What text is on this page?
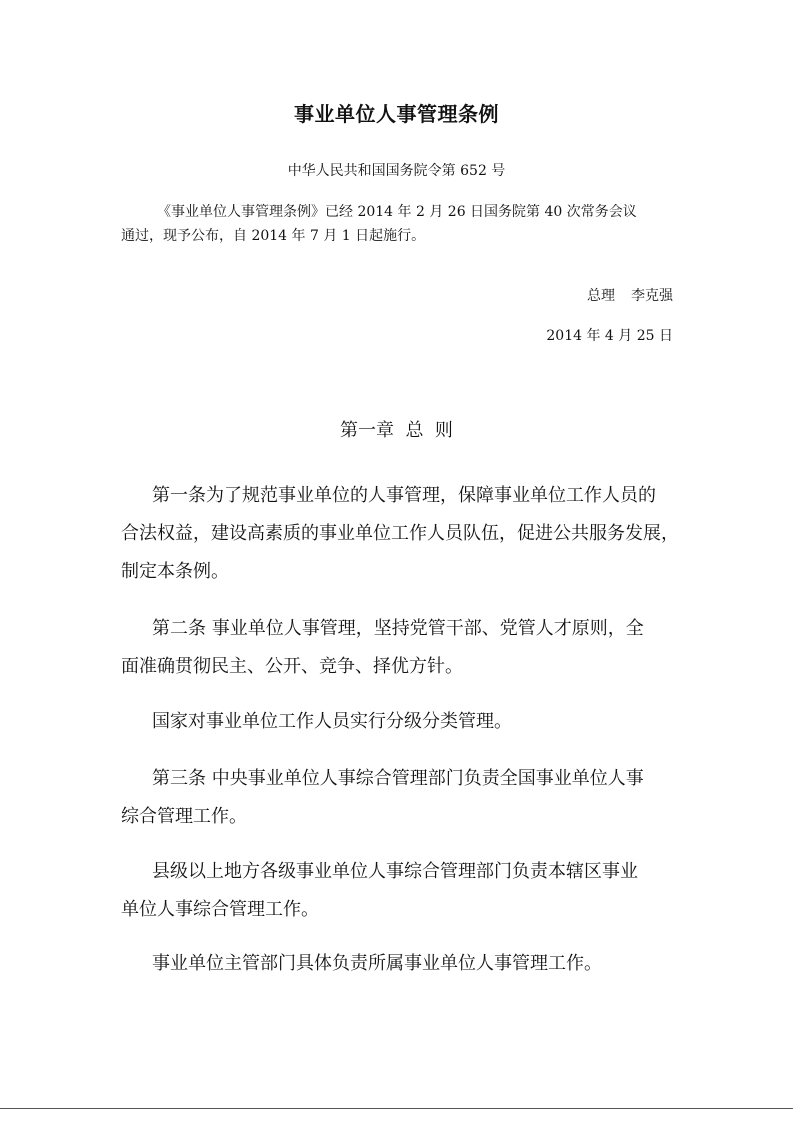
事业单位人事管理条例
中华人民共和国国务院令第 652 号
《事业单位人事管理条例》已经 2014 年 2 月 26 日国务院第 40 次常务会议
通过，现予公布，自 2014 年 7 月 1 日起施行。
总理 李克强
2014 年 4 月 25 日
第一章  总  则
第一条为了规范事业单位的人事管理，保障事业单位工作人员的
合法权益，建设高素质的事业单位工作人员队伍，促进公共服务发展，
制定本条例。
第二条 事业单位人事管理，坚持党管干部、党管人才原则，全
面准确贯彻民主、公开、竞争、择优方针。
国家对事业单位工作人员实行分级分类管理。
第三条 中央事业单位人事综合管理部门负责全国事业单位人事
综合管理工作。
县级以上地方各级事业单位人事综合管理部门负责本辖区事业
单位人事综合管理工作。
事业单位主管部门具体负责所属事业单位人事管理工作。
